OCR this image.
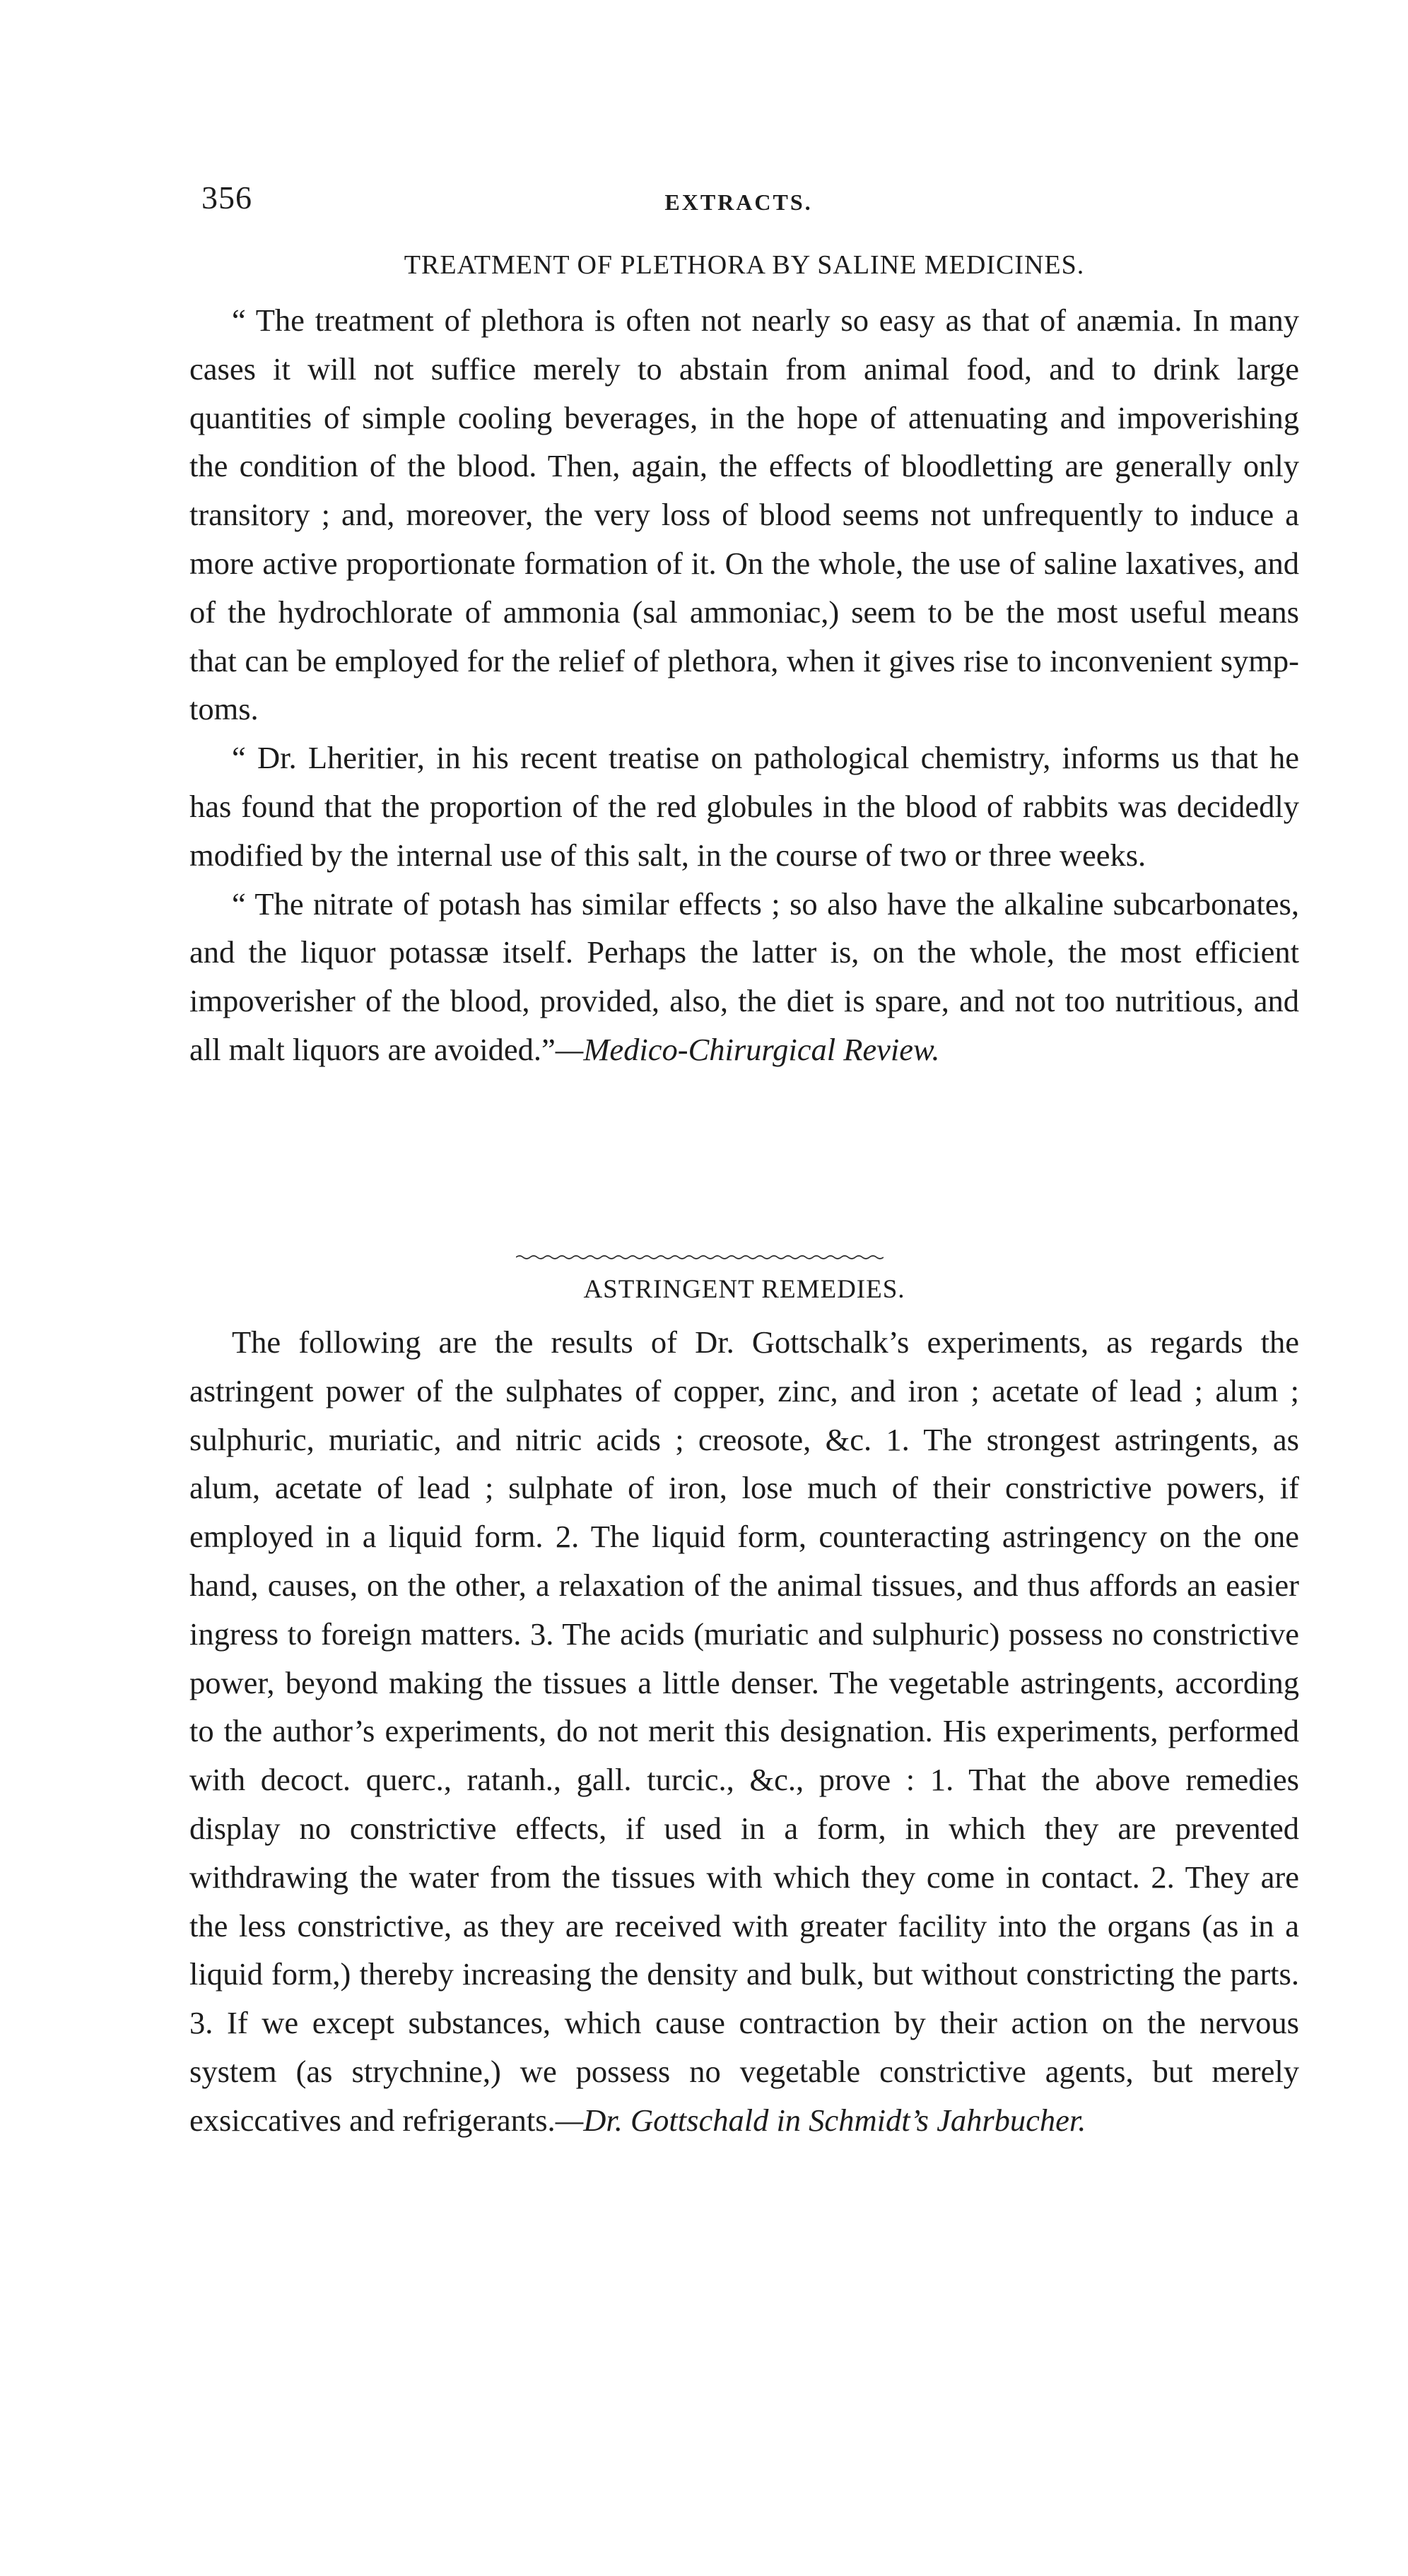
356	EXTRACTS.
TREATMENT OF PLETHORA BY SALINE MEDICINES.

“ The treatment of plethora is often not nearly so easy as that of anæmia. In many cases it will not suffice merely to abstain from animal food, and to drink large quantities of simple cooling beverages, in the hope of attenuating and impoverishing the condition of the blood. Then, again, the effects of bloodletting are generally only transitory ; and, moreover, the very loss of blood seems not unfrequently to induce a more active proportionate formation of it. On the whole, the use of saline laxatives, and of the hydrochlorate of ammonia (sal ammoniac,) seem to be the most useful means that can be employed for the relief of plethora, when it gives rise to inconvenient symptoms.

“ Dr. Lheritier, in his recent treatise on pathological chemistry, informs us that he has found that the proportion of the red globules in the blood of rabbits was decidedly modified by the internal use of this salt, in the course of two or three weeks.

“ The nitrate of potash has similar effects ; so also have the alkaline subcarbonates, and the liquor potassæ itself. Perhaps the latter is, on the whole, the most efficient impoverisher of the blood, provided, also, the diet is spare, and not too nutritious, and all malt liquors are avoided.”—Medico-Chirurgical Review.

ASTRINGENT REMEDIES.

The following are the results of Dr. Gottschalk’s experiments, as regards the astringent power of the sulphates of copper, zinc, and iron ; acetate of lead ; alum ; sulphuric, muriatic, and nitric acids ; creosote, &c. 1. The strongest astringents, as alum, acetate of lead ; sulphate of iron, lose much of their constrictive powers, if employed in a liquid form. 2. The liquid form, counteracting astringency on the one hand, causes, on the other, a relaxation of the animal tissues, and thus affords an easier ingress to foreign matters. 3. The acids (muriatic and sulphuric) possess no constrictive power, beyond making the tissues a little denser. The vegetable astringents, according to the author’s experiments, do not merit this designation. His experiments, performed with decoct. querc., ratanh., gall. turcic., &c., prove : 1. That the above remedies display no constrictive effects, if used in a form, in which they are prevented withdrawing the water from the tissues with which they come in contact. 2. They are the less constrictive, as they are received with greater facility into the organs (as in a liquid form,) thereby increasing the density and bulk, but without constricting the parts. 3. If we except substances, which cause contraction by their action on the nervous system (as strychnine,) we possess no vegetable constrictive agents, but merely exsiccatives and refrigerants.—Dr. Gottschald in Schmidt’s Jahrbucher.
